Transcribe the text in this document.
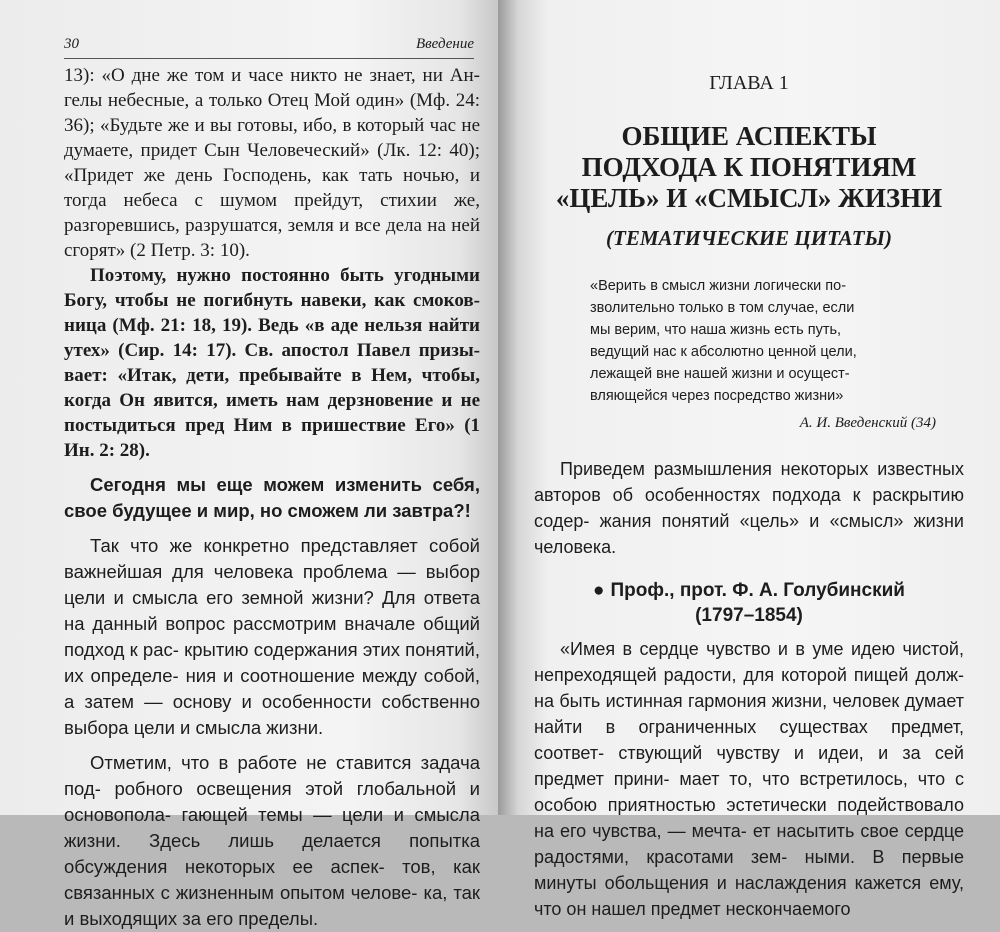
30	Введение

13): «О дне же том и часе никто не знает, ни Ан- гелы небесные, а только Отец Мой один» (Мф. 24: 36); «Будьте же и вы готовы, ибо, в который час не думаете, придет Сын Человеческий» (Лк. 12: 40); «Придет же день Господень, как тать ночью, и тогда небеса с шумом прейдут, стихии же, разгоревшись, разрушатся, земля и все дела на ней сгорят» (2 Петр. 3: 10).

Поэтому, нужно постоянно быть угодными Богу, чтобы не погибнуть навеки, как смоков- ница (Мф. 21: 18, 19). Ведь «в аде нельзя найти утех» (Сир. 14: 17). Св. апостол Павел призы- вает: «Итак, дети, пребывайте в Нем, чтобы, когда Он явится, иметь нам дерзновение и не постыдиться пред Ним в пришествие Его» (1 Ин. 2: 28).

Сегодня мы еще можем изменить себя, свое будущее и мир, но сможем ли завтра?!

Так что же конкретно представляет собой важнейшая для человека проблема — выбор цели и смысла его земной жизни? Для ответа на данный вопрос рассмотрим вначале общий подход к рас- крытию содержания этих понятий, их определе- ния и соотношение между собой, а затем — основу и особенности собственно выбора цели и смысла жизни.

Отметим, что в работе не ставится задача под- робного освещения этой глобальной и основопола- гающей темы — цели и смысла жизни. Здесь лишь делается попытка обсуждения некоторых ее аспек- тов, как связанных с жизненным опытом челове- ка, так и выходящих за его пределы.

ГЛАВА 1

ОБЩИЕ АСПЕКТЫ
ПОДХОДА К ПОНЯТИЯМ
«ЦЕЛЬ» И «СМЫСЛ» ЖИЗНИ

(ТЕМАТИЧЕСКИЕ ЦИТАТЫ)

«Верить в смысл жизни логически по-
зволительно только в том случае, если
мы верим, что наша жизнь есть путь,
ведущий нас к абсолютно ценной цели,
лежащей вне нашей жизни и осущест-
вляющейся через посредство жизни»
А. И. Введенский (34)

Приведем размышления некоторых известных авторов об особенностях подхода к раскрытию содер- жания понятий «цель» и «смысл» жизни человека.

● Проф., прот. Ф. А. Голубинский
(1797–1854)

«Имея в сердце чувство и в уме идею чистой, непреходящей радости, для которой пищей долж- на быть истинная гармония жизни, человек думает найти в ограниченных существах предмет, соответ- ствующий чувству и идеи, и за сей предмет прини- мает то, что встретилось, что с особою приятностью эстетически подействовало на его чувства, — мечта- ет насытить свое сердце радостями, красотами зем- ными. В первые минуты обольщения и наслаждения кажется ему, что он нашел предмет нескончаемого
